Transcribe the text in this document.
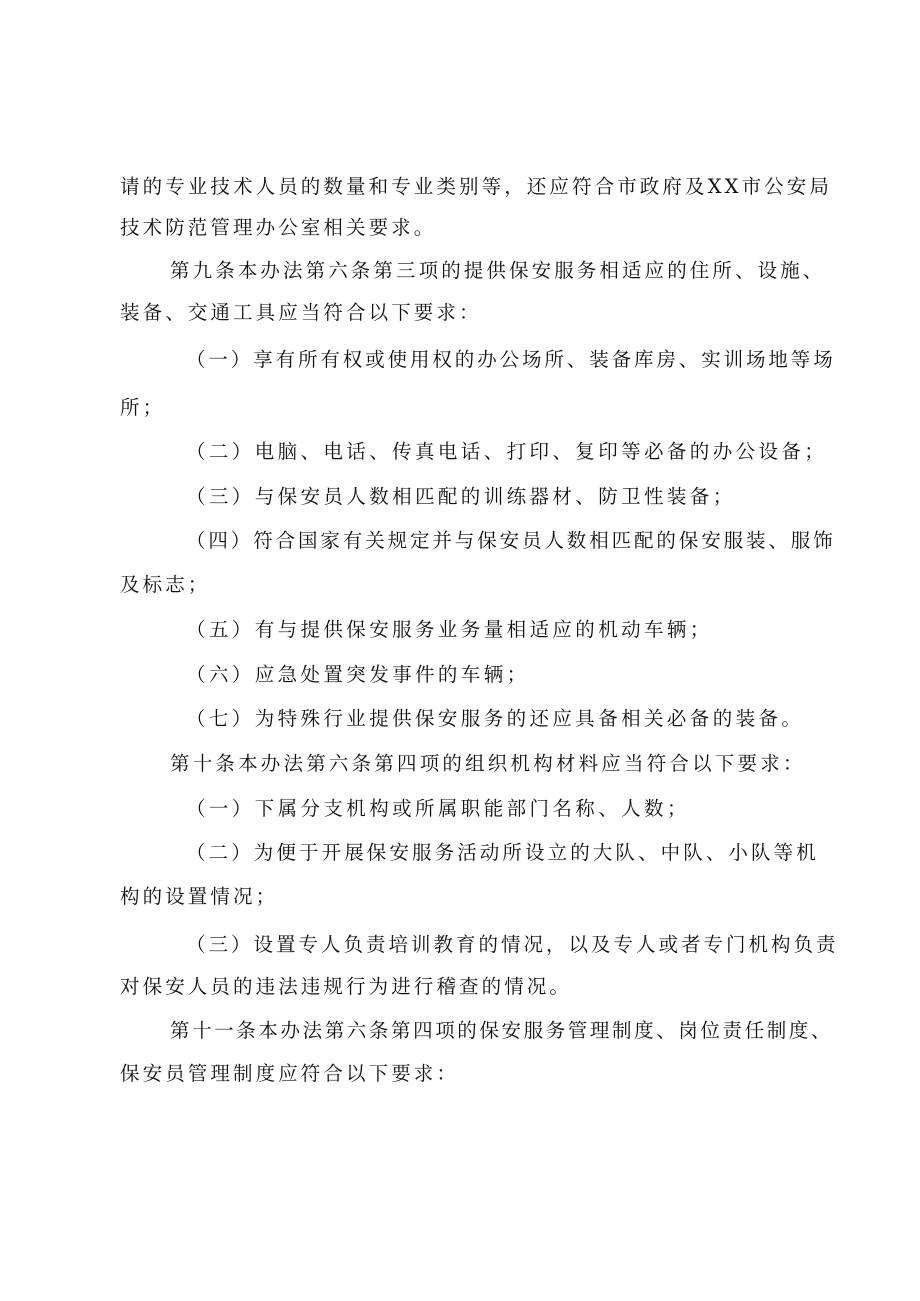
请的专业技术人员的数量和专业类别等，还应符合市政府及XX市公安局
技术防范管理办公室相关要求。
第九条本办法第六条第三项的提供保安服务相适应的住所、设施、
装备、交通工具应当符合以下要求：
（一）享有所有权或使用权的办公场所、装备库房、实训场地等场
所；
（二）电脑、电话、传真电话、打印、复印等必备的办公设备；
（三）与保安员人数相匹配的训练器材、防卫性装备；
（四）符合国家有关规定并与保安员人数相匹配的保安服装、服饰
及标志；
（五）有与提供保安服务业务量相适应的机动车辆；
（六）应急处置突发事件的车辆；
（七）为特殊行业提供保安服务的还应具备相关必备的装备。
第十条本办法第六条第四项的组织机构材料应当符合以下要求：
（一）下属分支机构或所属职能部门名称、人数；
（二）为便于开展保安服务活动所设立的大队、中队、小队等机
构的设置情况；
（三）设置专人负责培训教育的情况，以及专人或者专门机构负责
对保安人员的违法违规行为进行稽查的情况。
第十一条本办法第六条第四项的保安服务管理制度、岗位责任制度、
保安员管理制度应符合以下要求：
